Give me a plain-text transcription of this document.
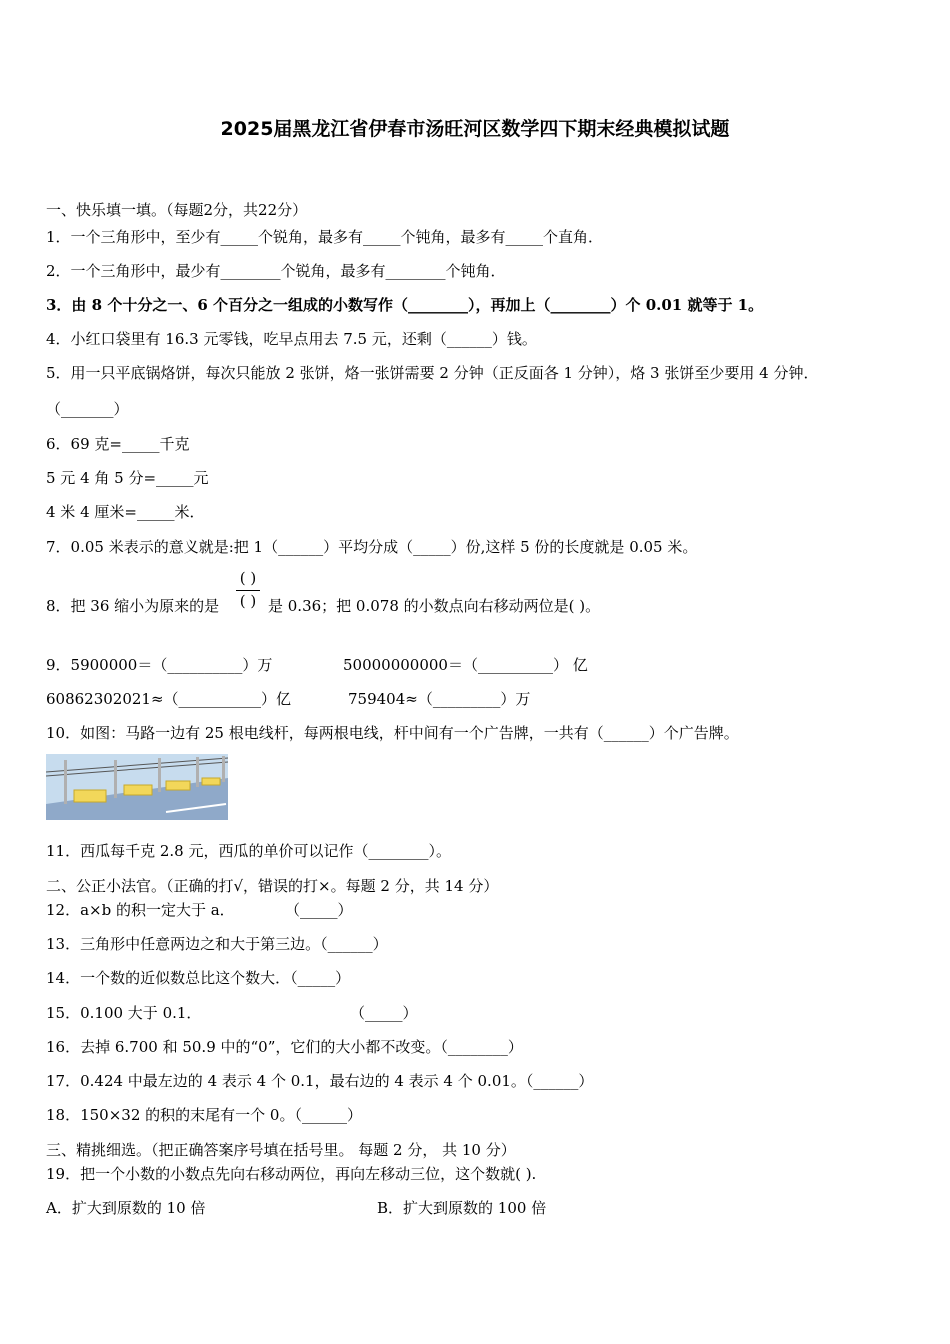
2025届黑龙江省伊春市汤旺河区数学四下期末经典模拟试题
一、快乐填一填。（每题2分，共22分）
1．一个三角形中，至少有_____个锐角，最多有_____个钝角，最多有_____个直角．
2．一个三角形中，最少有________个锐角，最多有________个钝角．
3．由 8 个十分之一、6 个百分之一组成的小数写作（________），再加上（________）个 0.01 就等于 1。
4．小红口袋里有 16.3 元零钱，吃早点用去 7.5 元，还剩（______）钱。
5．用一只平底锅烙饼，每次只能放 2 张饼，烙一张饼需要 2 分钟（正反面各 1 分钟），烙 3 张饼至少要用 4 分钟．
（_______）
6．69 克=_____千克
5 元 4 角 5 分=_____元
4 米 4 厘米=_____米．
7．0.05 米表示的意义就是:把 1（______）平均分成（_____）份,这样 5 份的长度就是 0.05 米。
8．把 36 缩小为原来的是
( )
( ) 是 0.36；把 0.078 的小数点向右移动两位是( )。
9．5900000＝（__________）万	50000000000＝（__________） 亿
60862302021≈（___________）亿	759404≈（_________）万
10．如图：马路一边有 25 根电线杆，每两根电线，杆中间有一个广告牌，一共有（______）个广告牌。
11．西瓜每千克 2.8 元，西瓜的单价可以记作（________）。
二、公正小法官。（正确的打√，错误的打×。每题 2 分，共 14 分）
12．a×b 的积一定大于 a．	（_____）
13．三角形中任意两边之和大于第三边。（______）
14．一个数的近似数总比这个数大．（_____）
15．0.100 大于 0.1．	（_____）
16．去掉 6.700 和 50.9 中的“0”，它们的大小都不改变。（________）
17．0.424 中最左边的 4 表示 4 个 0.1，最右边的 4 表示 4 个 0.01。（______）
18．150×32 的积的末尾有一个 0。（______）
三、精挑细选。（把正确答案序号填在括号里。 每题 2 分， 共 10 分）
19．把一个小数的小数点先向右移动两位，再向左移动三位，这个数就( ).
A．扩大到原数的 10 倍	B．扩大到原数的 100 倍
